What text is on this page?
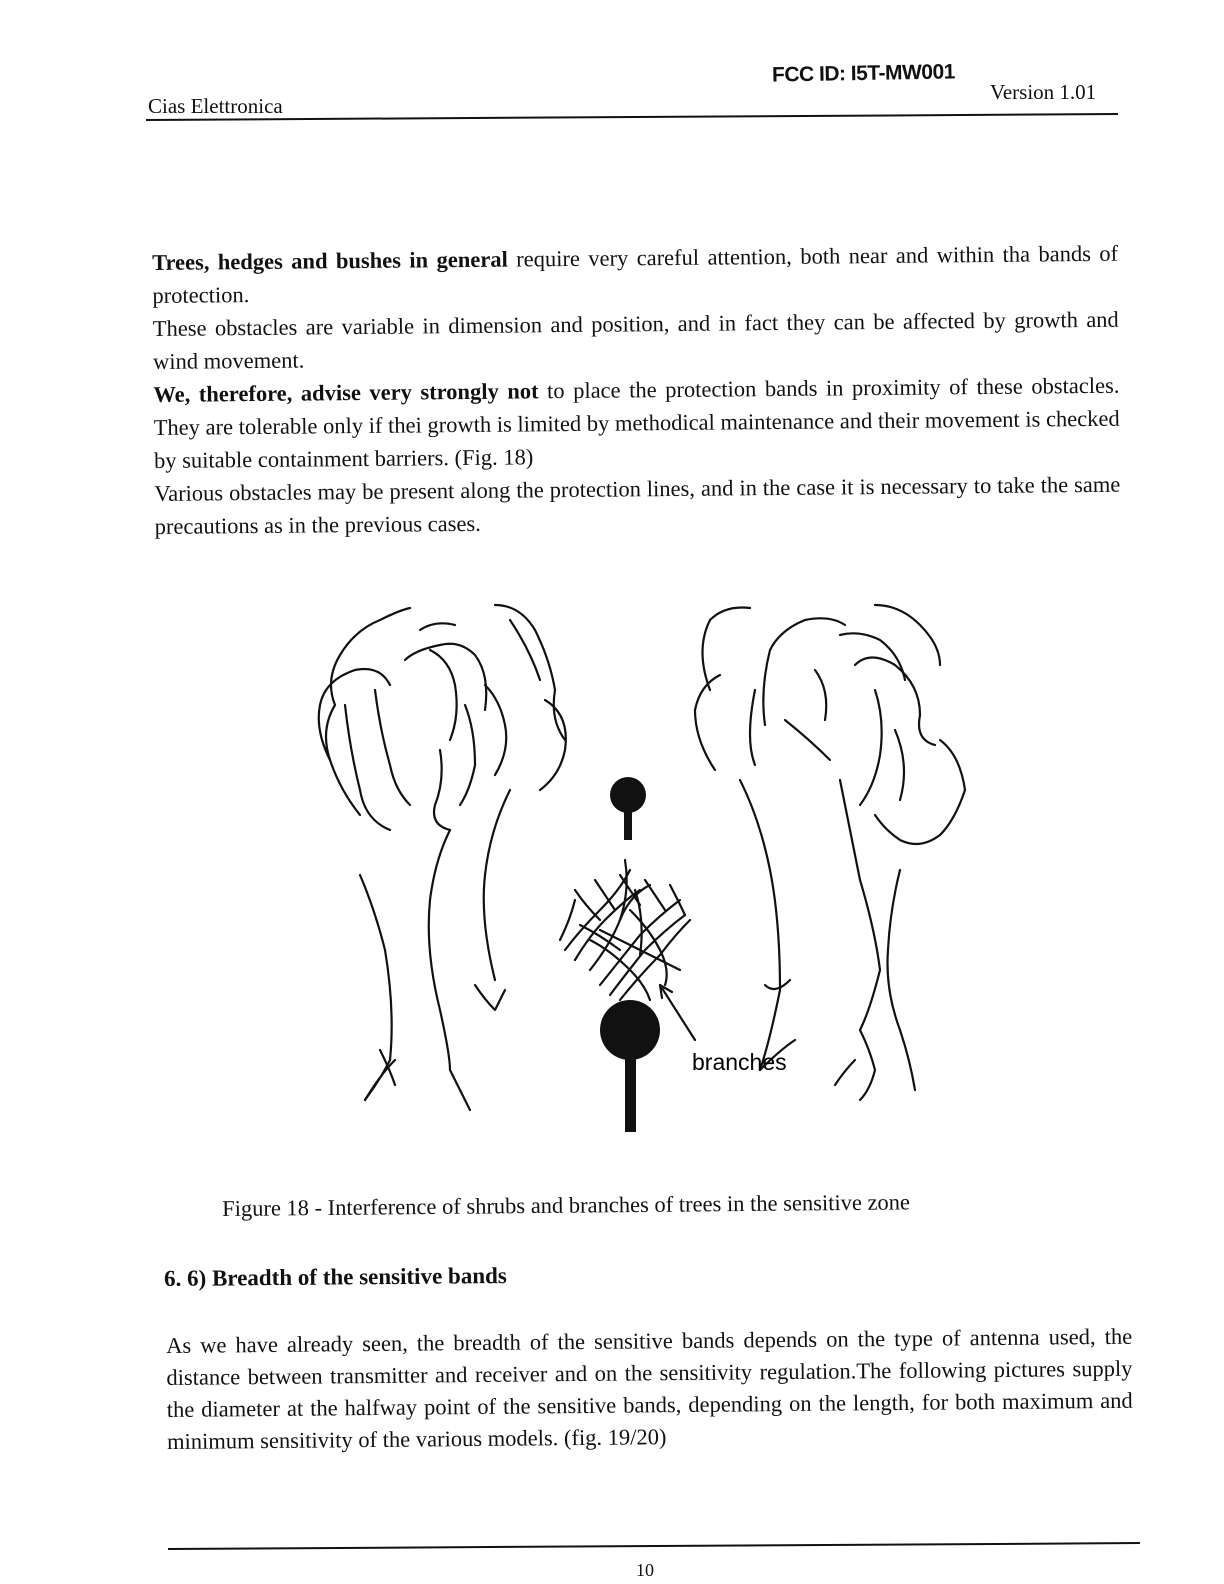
Cias Elettronica
FCC ID: I5T-MW001
Version 1.01

Trees, hedges and bushes in general require very careful attention, both near and within tha bands of protection.

These obstacles are variable in dimension and position, and in fact they can be affected by growth and wind movement.

We, therefore, advise very strongly not to place the protection bands in proximity of these obstacles. They are tolerable only if thei growth is limited by methodical maintenance and their movement is checked by suitable containment barriers. (Fig. 18)

Various obstacles may be present along the protection lines, and in the case it is necessary to take the same precautions as in the previous cases.

branches
Figure 18 - Interference of shrubs and branches of trees in the sensitive zone
6. 6) Breadth of the sensitive bands

As we have already seen, the breadth of the sensitive bands depends on the type of antenna used, the distance between transmitter and receiver and on the sensitivity regulation.The following pictures supply the diameter at the halfway point of the sensitive bands, depending on the length, for both maximum and minimum sensitivity of the various models. (fig. 19/20)

10
